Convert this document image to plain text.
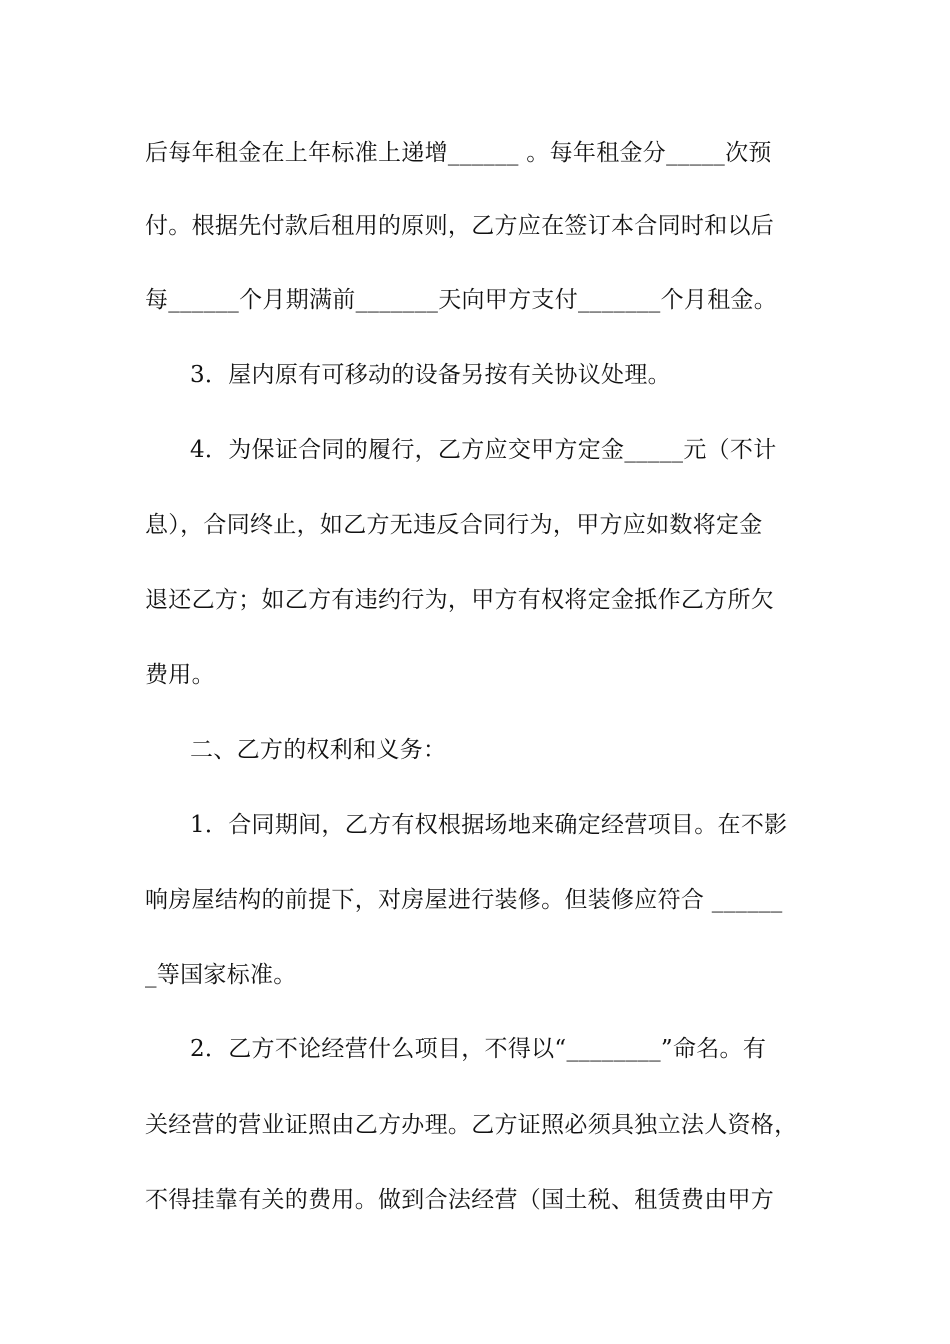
后每年租金在上年标准上递增______ 。每年租金分_____次预
付。根据先付款后租用的原则，乙方应在签订本合同时和以后
每______个月期满前_______天向甲方支付_______个月租金。
3．屋内原有可移动的设备另按有关协议处理。
4．为保证合同的履行，乙方应交甲方定金_____元（不计
息），合同终止，如乙方无违反合同行为，甲方应如数将定金
退还乙方；如乙方有违约行为，甲方有权将定金抵作乙方所欠
费用。
二、乙方的权利和义务：
1．合同期间，乙方有权根据场地来确定经营项目。在不影
响房屋结构的前提下，对房屋进行装修。但装修应符合 ______
_等国家标准。
2．乙方不论经营什么项目，不得以“________”命名。有
关经营的营业证照由乙方办理。乙方证照必须具独立法人资格，
不得挂靠有关的费用。做到合法经营（国土税、租赁费由甲方
